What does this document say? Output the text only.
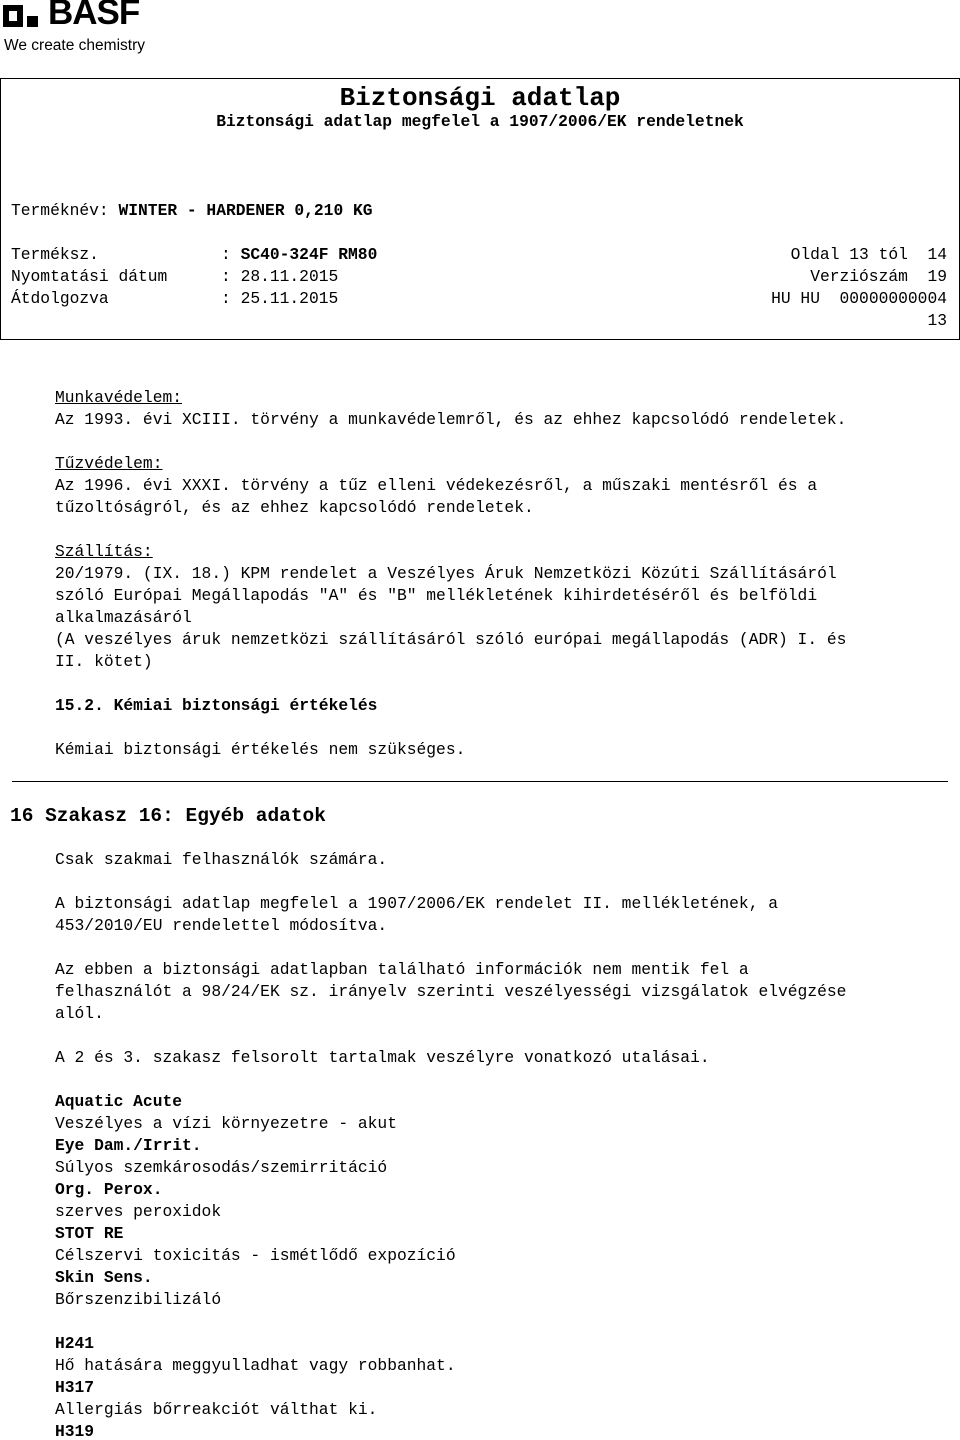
BASF
We create chemistry
Biztonsági adatlap
Biztonsági adatlap megfelel a 1907/2006/EK rendeletnek
Terméknév: WINTER - HARDENER 0,210 KG
Terméksz.	: SC40-324F RM80
Nyomtatási dátum	: 28.11.2015
Átdolgozva	: 25.11.2015
Oldal 13 tól 14
Verziószám 19
HU HU 00000000004
13
Munkavédelem:
Az 1993. évi XCIII. törvény a munkavédelemről, és az ehhez kapcsolódó rendeletek.
Tűzvédelem:
Az 1996. évi XXXI. törvény a tűz elleni védekezésről, a műszaki mentésről és a
tűzoltóságról, és az ehhez kapcsolódó rendeletek.
Szállítás:
20/1979. (IX. 18.) KPM rendelet a Veszélyes Áruk Nemzetközi Közúti Szállításáról
szóló Európai Megállapodás "A" és "B" mellékletének kihirdetéséről és belföldi
alkalmazásáról
(A veszélyes áruk nemzetközi szállításáról szóló európai megállapodás (ADR) I. és
II. kötet)
15.2. Kémiai biztonsági értékelés
Kémiai biztonsági értékelés nem szükséges.
16 Szakasz 16: Egyéb adatok
Csak szakmai felhasználók számára.
A biztonsági adatlap megfelel a 1907/2006/EK rendelet II. mellékletének, a
453/2010/EU rendelettel módosítva.
Az ebben a biztonsági adatlapban található információk nem mentik fel a
felhasználót a 98/24/EK sz. irányelv szerinti veszélyességi vizsgálatok elvégzése
alól.
A 2 és 3. szakasz felsorolt tartalmak veszélyre vonatkozó utalásai.
Aquatic Acute
Veszélyes a vízi környezetre - akut
Eye Dam./Irrit.
Súlyos szemkárosodás/szemirritáció
Org. Perox.
szerves peroxidok
STOT RE
Célszervi toxicitás - ismétlődő expozíció
Skin Sens.
Bőrszenzibilizáló
H241
Hő hatására meggyulladhat vagy robbanhat.
H317
Allergiás bőrreakciót válthat ki.
H319
